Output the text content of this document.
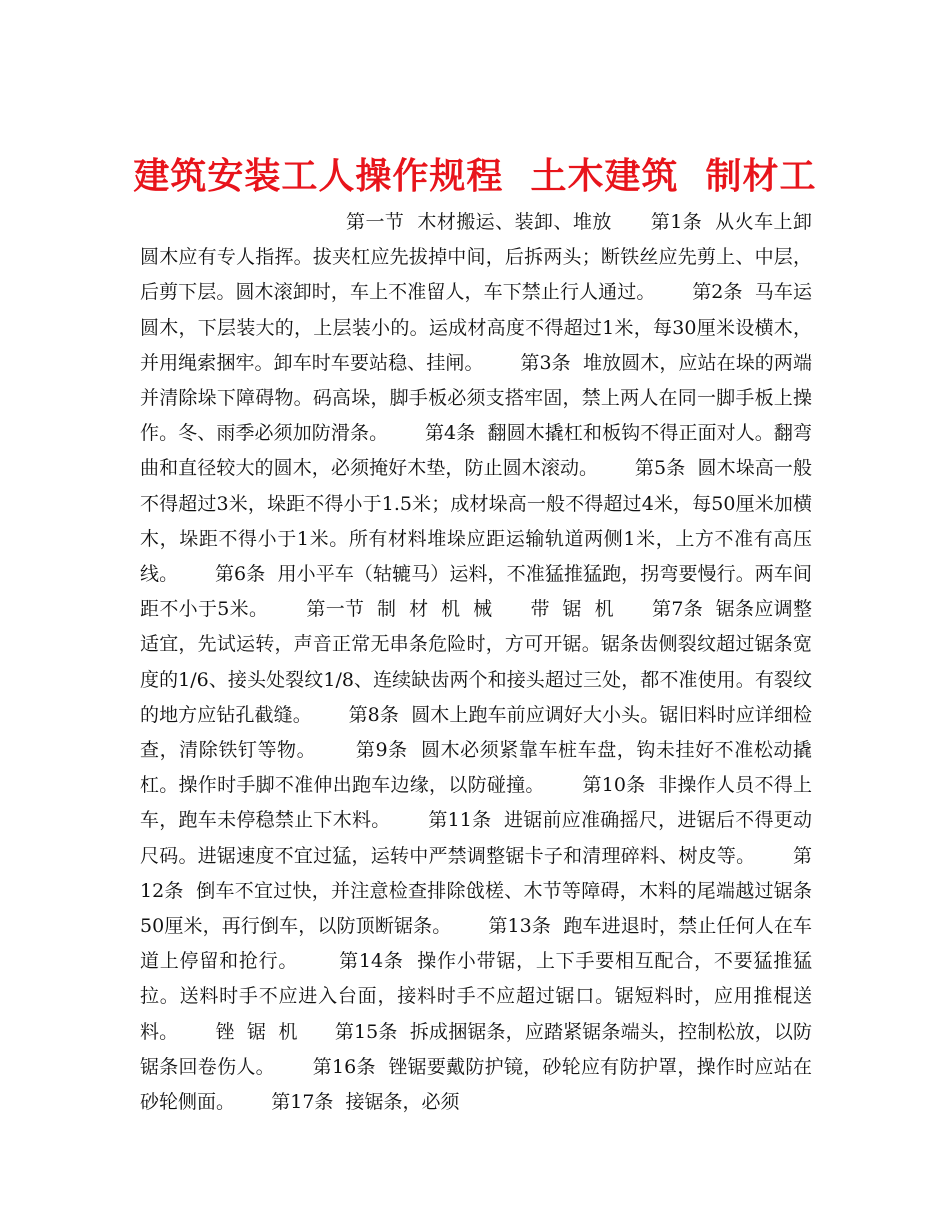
建筑安装工人操作规程  土木建筑  制材工
第一节  木材搬运、装卸、堆放      第1条  从火车上卸圆木应有专人指挥。拔夹杠应先拔掉中间，后拆两头；断铁丝应先剪上、中层，后剪下层。圆木滚卸时，车上不准留人，车下禁止行人通过。      第2条  马车运圆木，下层装大的，上层装小的。运成材高度不得超过1米，每30厘米设横木，并用绳索捆牢。卸车时车要站稳、挂闸。      第3条  堆放圆木，应站在垛的两端并清除垛下障碍物。码高垛，脚手板必须支搭牢固，禁上两人在同一脚手板上操作。冬、雨季必须加防滑条。      第4条  翻圆木撬杠和板钩不得正面对人。翻弯曲和直径较大的圆木，必须掩好木垫，防止圆木滚动。      第5条  圆木垛高一般不得超过3米，垛距不得小于1.5米；成材垛高一般不得超过4米，每50厘米加横木，垛距不得小于1米。所有材料堆垛应距运输轨道两侧1米，上方不准有高压线。      第6条  用小平车（轱辘马）运料，不准猛推猛跑，拐弯要慢行。两车间距不小于5米。      第一节  制  材  机  械      带  锯  机      第7条  锯条应调整适宜，先试运转，声音正常无串条危险时，方可开锯。锯条齿侧裂纹超过锯条宽度的1/6、接头处裂纹1/8、连续缺齿两个和接头超过三处，都不准使用。有裂纹的地方应钻孔截缝。      第8条  圆木上跑车前应调好大小头。锯旧料时应详细检查，清除铁钉等物。      第9条  圆木必须紧靠车桩车盘，钩未挂好不准松动撬杠。操作时手脚不准伸出跑车边缘，以防碰撞。      第10条  非操作人员不得上车，跑车未停稳禁止下木料。      第11条  进锯前应准确摇尺，进锯后不得更动尺码。进锯速度不宜过猛，运转中严禁调整锯卡子和清理碎料、树皮等。      第12条  倒车不宜过快，并注意检查排除戗槎、木节等障碍，木料的尾端越过锯条50厘米，再行倒车，以防顶断锯条。      第13条  跑车进退时，禁止任何人在车道上停留和抢行。      第14条  操作小带锯，上下手要相互配合，不要猛推猛拉。送料时手不应进入台面，接料时手不应超过锯口。锯短料时，应用推棍送料。      锉  锯  机      第15条  拆成捆锯条，应踏紧锯条端头，控制松放，以防锯条回卷伤人。      第16条  锉锯要戴防护镜，砂轮应有防护罩，操作时应站在砂轮侧面。      第17条  接锯条，必须
